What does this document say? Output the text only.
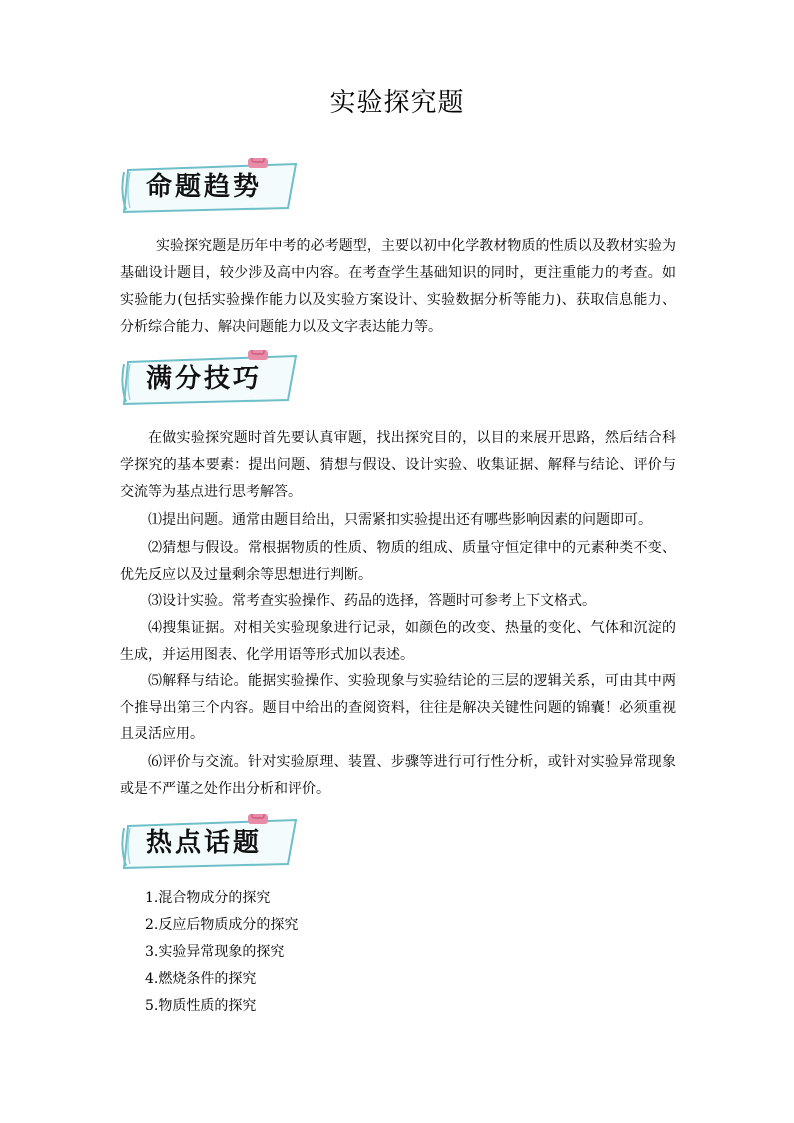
实验探究题
命题趋势
实验探究题是历年中考的必考题型，主要以初中化学教材物质的性质以及教材实验为基础设计题目，较少涉及高中内容。在考查学生基础知识的同时，更注重能力的考查。如实验能力(包括实验操作能力以及实验方案设计、实验数据分析等能力)、获取信息能力、分析综合能力、解决问题能力以及文字表达能力等。
满分技巧
在做实验探究题时首先要认真审题，找出探究目的，以目的来展开思路，然后结合科学探究的基本要素：提出问题、猜想与假设、设计实验、收集证据、解释与结论、评价与交流等为基点进行思考解答。
⑴提出问题。通常由题目给出，只需紧扣实验提出还有哪些影响因素的问题即可。
⑵猜想与假设。常根据物质的性质、物质的组成、质量守恒定律中的元素种类不变、优先反应以及过量剩余等思想进行判断。
⑶设计实验。常考查实验操作、药品的选择，答题时可参考上下文格式。
⑷搜集证据。对相关实验现象进行记录，如颜色的改变、热量的变化、气体和沉淀的生成，并运用图表、化学用语等形式加以表述。
⑸解释与结论。能据实验操作、实验现象与实验结论的三层的逻辑关系，可由其中两个推导出第三个内容。题目中给出的查阅资料，往往是解决关键性问题的锦囊！必须重视且灵活应用。
⑹评价与交流。针对实验原理、装置、步骤等进行可行性分析，或针对实验异常现象或是不严谨之处作出分析和评价。
热点话题
1.混合物成分的探究
2.反应后物质成分的探究
3.实验异常现象的探究
4.燃烧条件的探究
5.物质性质的探究
